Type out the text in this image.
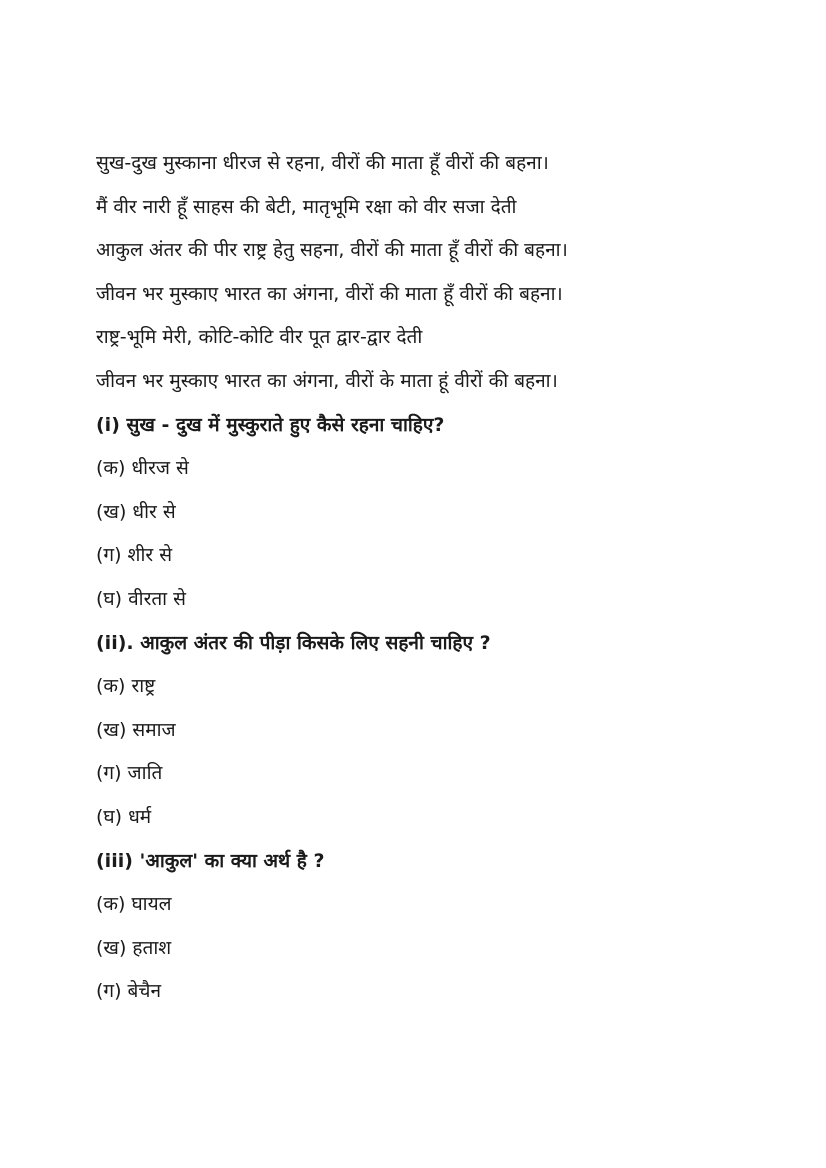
सुख-दुख मुस्काना धीरज से रहना, वीरों की माता हूँ वीरों की बहना।
मैं वीर नारी हूँ साहस की बेटी, मातृभूमि रक्षा को वीर सजा देती
आकुल अंतर की पीर राष्ट्र हेतु सहना, वीरों की माता हूँ वीरों की बहना।
जीवन भर मुस्काए भारत का अंगना, वीरों की माता हूँ वीरों की बहना।
राष्ट्र-भूमि मेरी, कोटि-कोटि वीर पूत द्वार-द्वार देती
जीवन भर मुस्काए भारत का अंगना, वीरों के माता हूं वीरों की बहना।
(i) सुख - दुख में मुस्कुराते हुए कैसे रहना चाहिए?
(क) धीरज से
(ख) धीर से
(ग) शीर से
(घ) वीरता से
(ii). आकुल अंतर की पीड़ा किसके लिए सहनी चाहिए ?
(क) राष्ट्र
(ख) समाज
(ग) जाति
(घ) धर्म
(iii) 'आकुल' का क्या अर्थ है ?
(क) घायल
(ख) हताश
(ग) बेचैन
